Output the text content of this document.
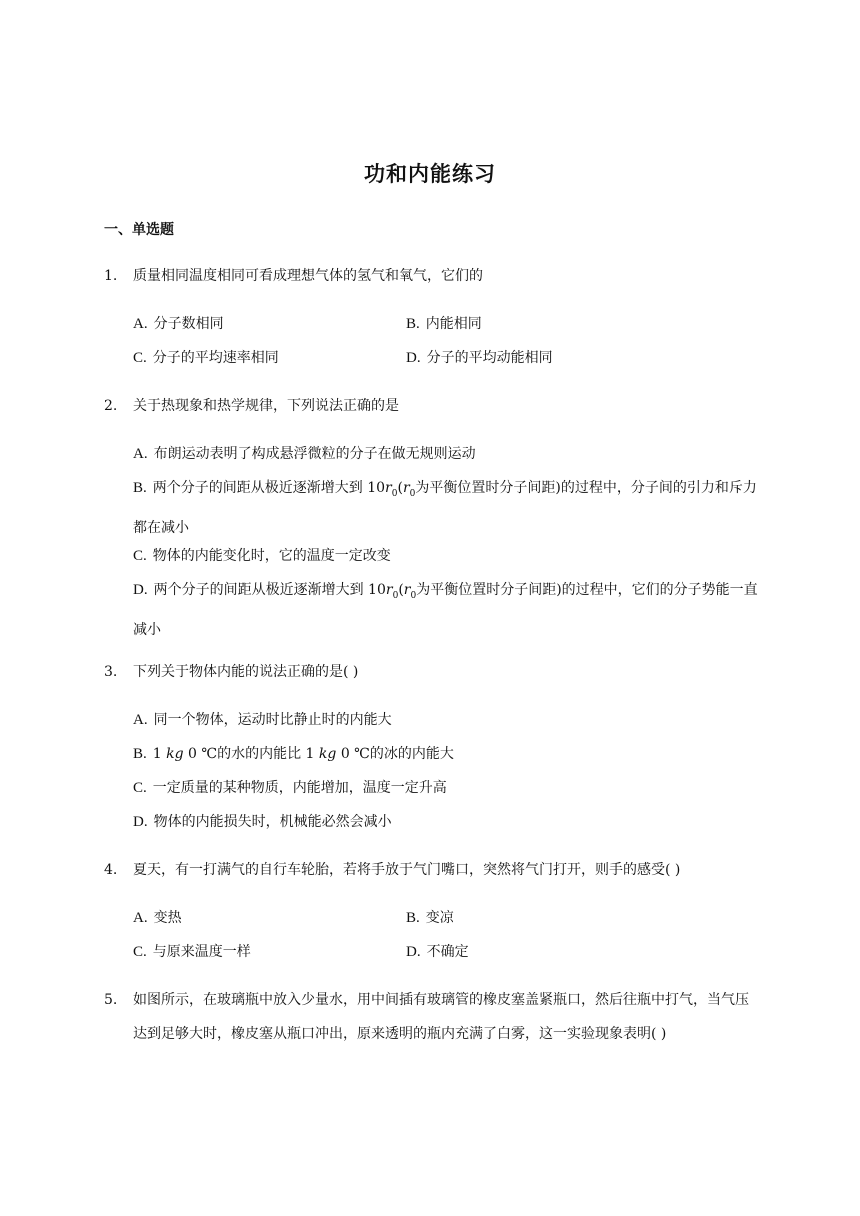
功和内能练习
一、单选题
1. 质量相同温度相同可看成理想气体的氢气和氧气，它们的
A. 分子数相同	B. 内能相同
C. 分子的平均速率相同	D. 分子的平均动能相同
2. 关于热现象和热学规律，下列说法正确的是
A. 布朗运动表明了构成悬浮微粒的分子在做无规则运动
B. 两个分子的间距从极近逐渐增大到 $10r_0(r_0$为平衡位置时分子间距)的过程中，分子间的引力和斥力都在减小
C. 物体的内能变化时，它的温度一定改变
D. 两个分子的间距从极近逐渐增大到 $10r_0(r_0$为平衡位置时分子间距)的过程中，它们的分子势能一直减小
3. 下列关于物体内能的说法正确的是( )
A. 同一个物体，运动时比静止时的内能大
B. 1 kg 0 ℃的水的内能比 1 kg 0 ℃的冰的内能大
C. 一定质量的某种物质，内能增加，温度一定升高
D. 物体的内能损失时，机械能必然会减小
4. 夏天，有一打满气的自行车轮胎，若将手放于气门嘴口，突然将气门打开，则手的感受( )
A. 变热	B. 变凉
C. 与原来温度一样	D. 不确定
5. 如图所示，在玻璃瓶中放入少量水，用中间插有玻璃管的橡皮塞盖紧瓶口，然后往瓶中打气，当气压达到足够大时，橡皮塞从瓶口冲出，原来透明的瓶内充满了白雾，这一实验现象表明( )
